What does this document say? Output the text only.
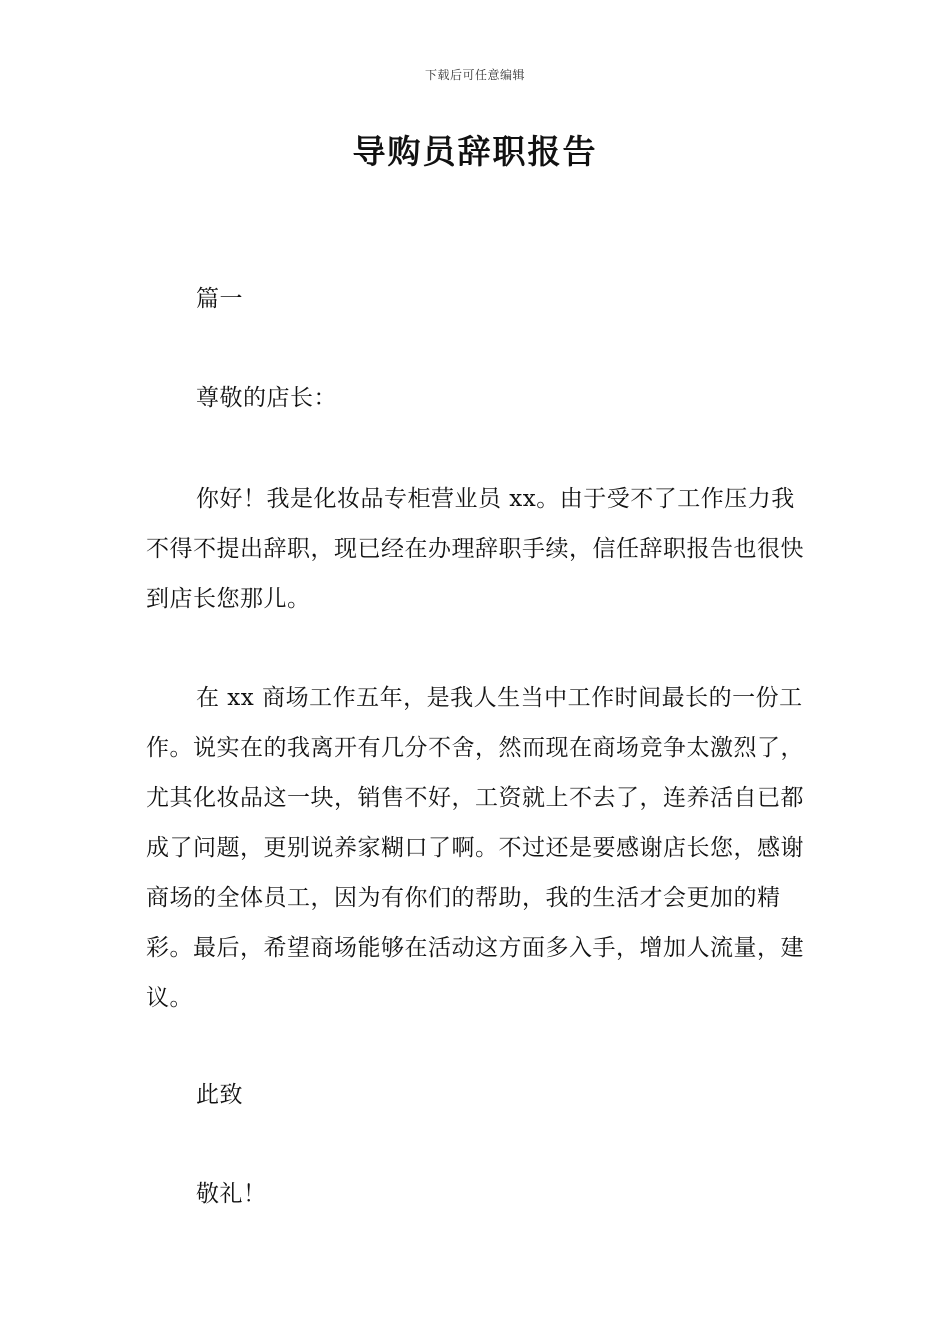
下载后可任意编辑
导购员辞职报告
篇一
尊敬的店长：

你好！我是化妆品专柜营业员 xx。由于受不了工作压力我不得不提出辞职，现已经在办理辞职手续，信任辞职报告也很快到店长您那儿。

在 xx 商场工作五年，是我人生当中工作时间最长的一份工作。说实在的我离开有几分不舍，然而现在商场竞争太激烈了，尤其化妆品这一块，销售不好，工资就上不去了，连养活自已都成了问题，更别说养家糊口了啊。不过还是要感谢店长您，感谢商场的全体员工，因为有你们的帮助，我的生活才会更加的精彩。最后，希望商场能够在活动这方面多入手，增加人流量，建议。

此致
敬礼！
